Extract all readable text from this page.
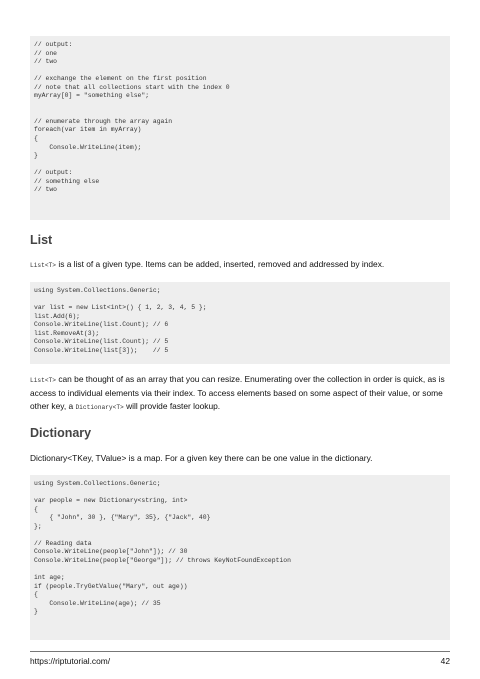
// output:
// one
// two
// exchange the element on the first position
// note that all collections start with the index 0
myArray[0] = "something else";
// enumerate through the array again
foreach(var item in myArray)
{
Console.WriteLine(item);
}
// output:
// something else
// two
List
List<T> is a list of a given type. Items can be added, inserted, removed and addressed by index.
using System.Collections.Generic;
var list = new List<int>() { 1, 2, 3, 4, 5 };
list.Add(6);
Console.WriteLine(list.Count); // 6
list.RemoveAt(3);
Console.WriteLine(list.Count); // 5
Console.WriteLine(list[3]);    // 5
List<T> can be thought of as an array that you can resize. Enumerating over the collection in order is quick, as is access to individual elements via their index. To access elements based on some aspect of their value, or some other key, a Dictionary<T> will provide faster lookup.
Dictionary
Dictionary<TKey, TValue> is a map. For a given key there can be one value in the dictionary.
using System.Collections.Generic;
var people = new Dictionary<string, int>
{
{ "John", 30 }, {"Mary", 35}, {"Jack", 40}
};
// Reading data
Console.WriteLine(people["John"]); // 30
Console.WriteLine(people["George"]); // throws KeyNotFoundException
int age;
if (people.TryGetValue("Mary", out age))
{
Console.WriteLine(age); // 35
}
https://riptutorial.com/	42
